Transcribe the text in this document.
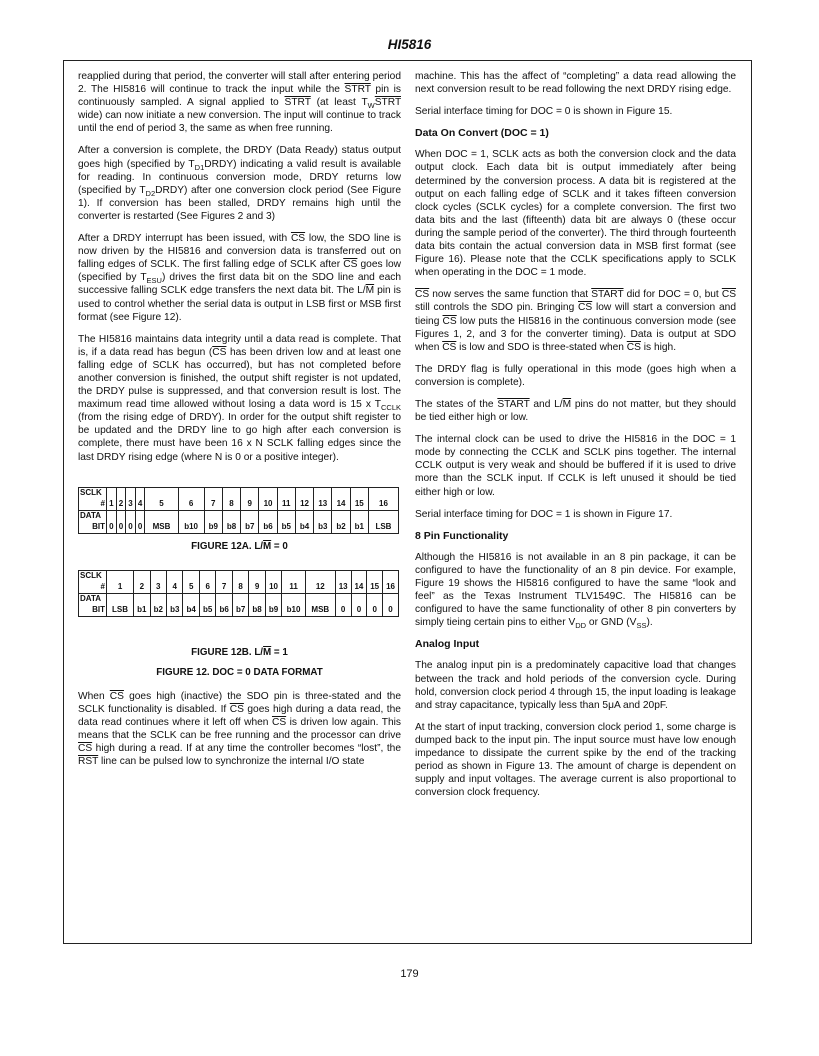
HI5816

reapplied during that period, the converter will stall after entering period 2. The HI5816 will continue to track the input while the STRT pin is continuously sampled. A signal applied to STRT (at least $T_WSTRT$ wide) can now initiate a new conversion. The input will continue to track until the end of period 3, the same as when free running.

After a conversion is complete, the DRDY (Data Ready) status output goes high (specified by $T_{D1}DRDY$) indicating a valid result is available for reading. In continuous conversion mode, DRDY returns low (specified by $T_{D2}DRDY$) after one conversion clock period (See Figure 1). If conversion has been stalled, DRDY remains high until the converter is restarted (See Figures 2 and 3)

After a DRDY interrupt has been issued, with $\overline{CS}$ low, the SDO line is now driven by the HI5816 and conversion data is transferred out on falling edges of SCLK. The first falling edge of SCLK after $\overline{CS}$ goes low (specified by $T_{ESU}$) drives the first data bit on the SDO line and each successive falling SCLK edge transfers the next data bit. The $L/\overline{M}$ pin is used to control whether the serial data is output in LSB first or MSB first format (see Figure 12).

The HI5816 maintains data integrity until a data read is complete. That is, if a data read has begun ($\overline{CS}$ has been driven low and at least one falling edge of SCLK has occurred), but has not completed before another conversion is finished, the output shift register is not updated, the DRDY pulse is suppressed, and that conversion result is lost. The maximum read time allowed without losing a data word is 15 x $T_{CCLK}$ (from the rising edge of DRDY). In order for the output shift register to be updated and the DRDY line to go high after each conversion is complete, there must have been 16 x N SCLK falling edges since the last DRDY rising edge (where N is 0 or a positive integer).

SCLK																
#	1	2	3	4	5	6	7	8	9	10	11	12	13	14	15	16
DATA																
BIT	0	0	0	0	MSB	b10	b9	b8	b7	b6	b5	b4	b3	b2	b1	LSB
FIGURE 12A. $L/\overline{M} = 0$
SCLK																
#	1	2	3	4	5	6	7	8	9	10	11	12	13	14	15	16
DATA																
BIT	LSB	b1	b2	b3	b4	b5	b6	b7	b8	b9	b10	MSB	0	0	0	0
FIGURE 12B. $L/\overline{M} = 1$
FIGURE 12. DOC = 0 DATA FORMAT

When $\overline{CS}$ goes high (inactive) the SDO pin is three-stated and the SCLK functionality is disabled. If $\overline{CS}$ goes high during a data read, the data read continues where it left off when $\overline{CS}$ is driven low again. This means that the SCLK can be free running and the processor can drive $\overline{CS}$ high during a read. If at any time the controller becomes “lost”, the $\overline{RST}$ line can be pulsed low to synchronize the internal I/O state

machine. This has the affect of “completing” a data read allowing the next conversion result to be read following the next DRDY rising edge.

Serial interface timing for DOC = 0 is shown in Figure 15.

Data On Convert (DOC = 1)

When DOC = 1, SCLK acts as both the conversion clock and the data output clock. Each data bit is output immediately after being determined by the conversion process. A data bit is registered at the output on each falling edge of SCLK and it takes fifteen conversion clock cycles (SCLK cycles) for a complete conversion. The first two data bits and the last (fifteenth) data bit are always 0 (these occur during the sample period of the converter). The third through fourteenth data bits contain the actual conversion data in MSB first format (see Figure 16). Please note that the CCLK specifications apply to SCLK when operating in the DOC = 1 mode.

$\overline{CS}$ now serves the same function that START did for DOC = 0, but $\overline{CS}$ still controls the SDO pin. Bringing $\overline{CS}$ low will start a conversion and tieing $\overline{CS}$ low puts the HI5816 in the continuous conversion mode (see Figures 1, 2, and 3 for the converter timing). Data is output at SDO when $\overline{CS}$ is low and SDO is three-stated when $\overline{CS}$ is high.

The DRDY flag is fully operational in this mode (goes high when a conversion is complete).

The states of the START and $L/\overline{M}$ pins do not matter, but they should be tied either high or low.

The internal clock can be used to drive the HI5816 in the DOC = 1 mode by connecting the CCLK and SCLK pins together. The internal CCLK output is very weak and should be buffered if it is used to drive more than the SCLK input. If CCLK is left unused it should be tied either high or low.

Serial interface timing for DOC = 1 is shown in Figure 17.

8 Pin Functionality

Although the HI5816 is not available in an 8 pin package, it can be configured to have the functionality of an 8 pin device. For example, Figure 19 shows the HI5816 configured to have the same “look and feel” as the Texas Instrument TLV1549C. The HI5816 can be configured to have the same functionality of other 8 pin converters by simply tieing certain pins to either $V_{DD}$ or GND $(V_{SS})$.

Analog Input

The analog input pin is a predominately capacitive load that changes between the track and hold periods of the conversion cycle. During hold, conversion clock period 4 through 15, the input loading is leakage and stray capacitance, typically less than 5μA and 20pF.

At the start of input tracking, conversion clock period 1, some charge is dumped back to the input pin. The input source must have low enough impedance to dissipate the current spike by the end of the tracking period as shown in Figure 13. The amount of charge is dependent on supply and input voltages. The average current is also proportional to conversion clock frequency.

179
